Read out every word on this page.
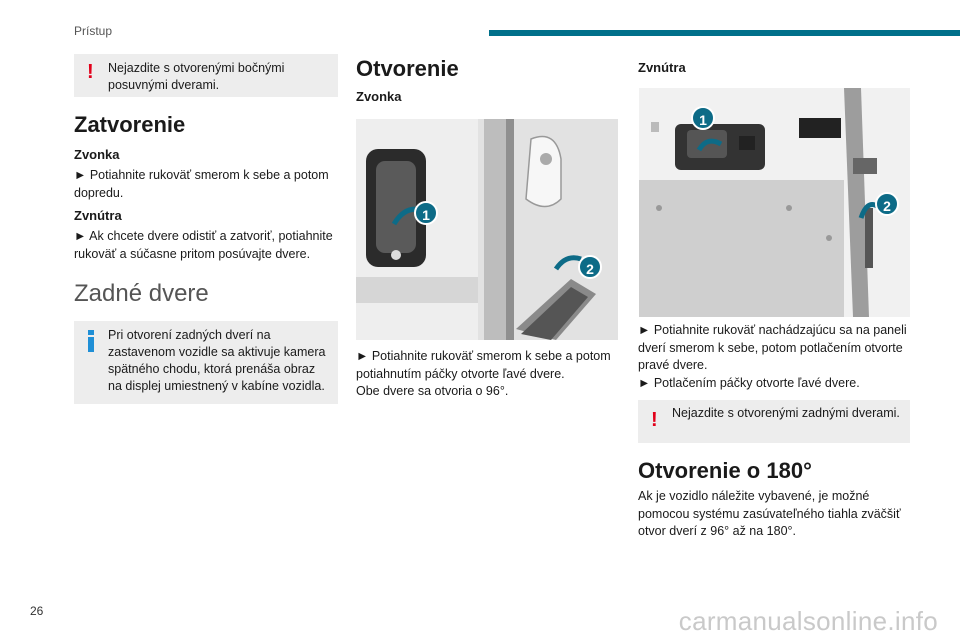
Prístup
! Nejazdite s otvorenými bočnými posuvnými dverami.
Zatvorenie
Zvonka

► Potiahnite rukoväť smerom k sebe a potom dopredu.

Zvnútra

► Ak chcete dvere odistiť a zatvoriť, potiahnite rukoväť a súčasne pritom posúvajte dvere.

Zadné dvere
Pri otvorení zadných dverí na zastavenom vozidle sa aktivuje kamera spätného chodu, ktorá prenáša obraz na displej umiestnený v kabíne vozidla.
Otvorenie
Zvonka
1
2

► Potiahnite rukoväť smerom k sebe a potom potiahnutím páčky otvorte ľavé dvere.

Obe dvere sa otvoria o 96°.

Zvnútra
1
2

► Potiahnite rukoväť nachádzajúcu sa na paneli dverí smerom k sebe, potom potlačením otvorte pravé dvere.

► Potlačením páčky otvorte ľavé dvere.

! Nejazdite s otvorenými zadnými dverami.
Otvorenie o 180°

Ak je vozidlo náležite vybavené, je možné pomocou systému zasúvateľného tiahla zväčšiť otvor dverí z 96° až na 180°.

26	carmanualsonline.info
